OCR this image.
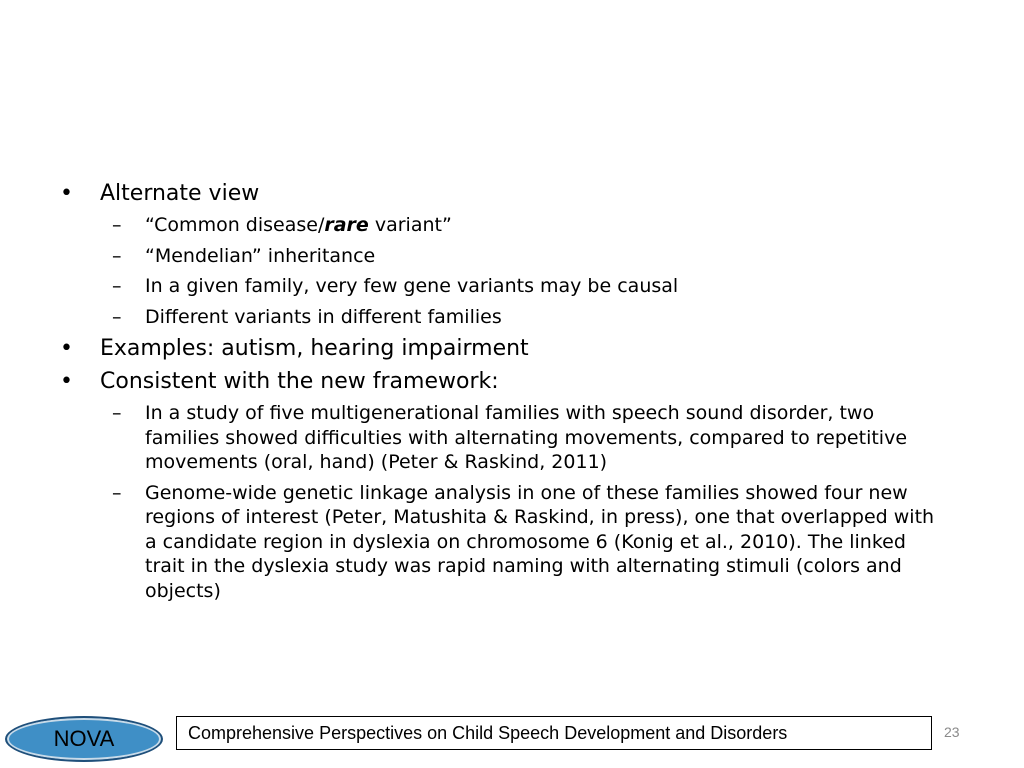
• Alternate view
– “Common disease/rare variant”
– “Mendelian” inheritance
– In a given family, very few gene variants may be causal
– Different variants in different families
• Examples: autism, hearing impairment
• Consistent with the new framework:
– In a study of five multigenerational families with speech sound disorder, two families showed difficulties with alternating movements, compared to repetitive movements (oral, hand) (Peter & Raskind, 2011)
– Genome-wide genetic linkage analysis in one of these families showed four new regions of interest (Peter, Matushita & Raskind, in press), one that overlapped with a candidate region in dyslexia on chromosome 6 (Konig et al., 2010). The linked trait in the dyslexia study was rapid naming with alternating stimuli (colors and objects)
NOVA	Comprehensive Perspectives on Child Speech Development and Disorders	23
